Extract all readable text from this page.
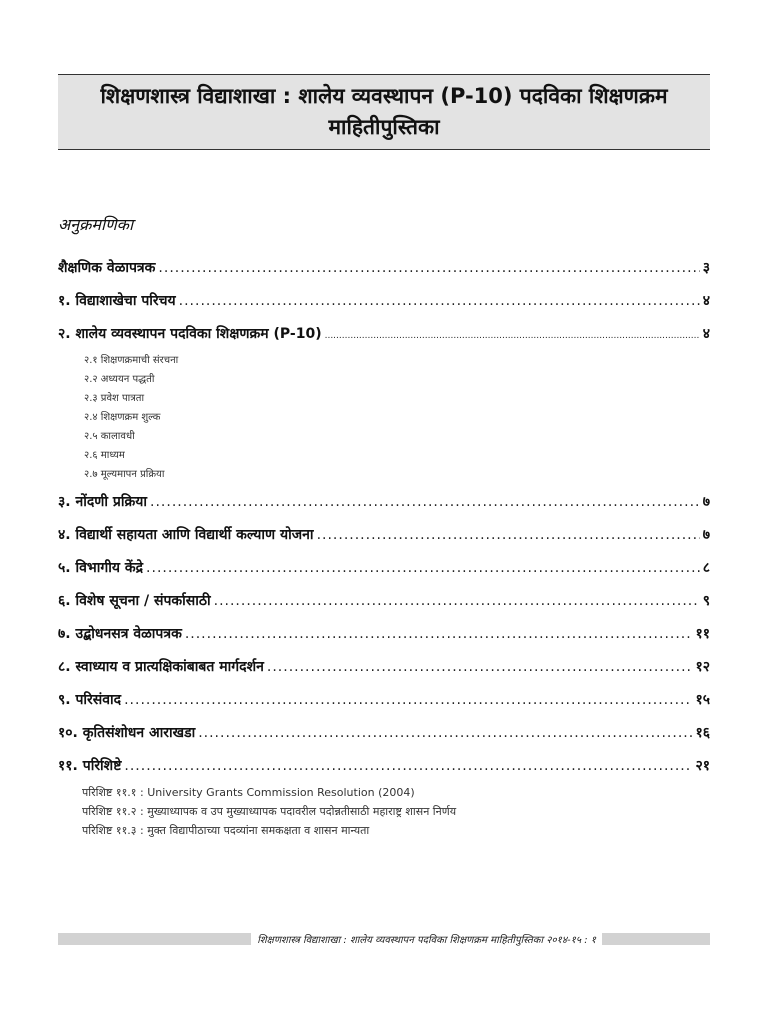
शिक्षणशास्त्र विद्याशाखा : शालेय व्यवस्थापन (P-10) पदविका शिक्षणक्रम
माहितीपुस्तिका
अनुक्रमणिका
शैक्षणिक वेळापत्रक .....	३
१. विद्याशाखेचा परिचय .....	४
२. शालेय व्यवस्थापन पदविका शिक्षणक्रम (P-10) .....	४
२.१ शिक्षणक्रमाची संरचना
२.२ अध्ययन पद्धती
२.३ प्रवेश पात्रता
२.४ शिक्षणक्रम शुल्क
२.५ कालावधी
२.६ माध्यम
२.७ मूल्यमापन प्रक्रिया
३. नोंदणी प्रक्रिया .....	७
४. विद्यार्थी सहायता आणि विद्यार्थी कल्याण योजना .....	७
५. विभागीय केंद्रे .....	८
६. विशेष सूचना / संपर्कासाठी .....	९
७. उद्बोधनसत्र वेळापत्रक .....	११
८. स्वाध्याय व प्रात्यक्षिकांबाबत मार्गदर्शन .....	१२
९. परिसंवाद .....	१५
१०. कृतिसंशोधन आराखडा .....	१६
११. परिशिष्टे .....	२१
परिशिष्ट ११.१ : University Grants Commission Resolution (2004)
परिशिष्ट ११.२ : मुख्याध्यापक व उप मुख्याध्यापक पदावरील पदोन्नतीसाठी महाराष्ट्र शासन निर्णय
परिशिष्ट ११.३ : मुक्त विद्यापीठाच्या पदव्यांना समकक्षता व शासन मान्यता
शिक्षणशास्त्र विद्याशाखा : शालेय व्यवस्थापन पदविका शिक्षणक्रम माहितीपुस्तिका २०१४-१५ : १
